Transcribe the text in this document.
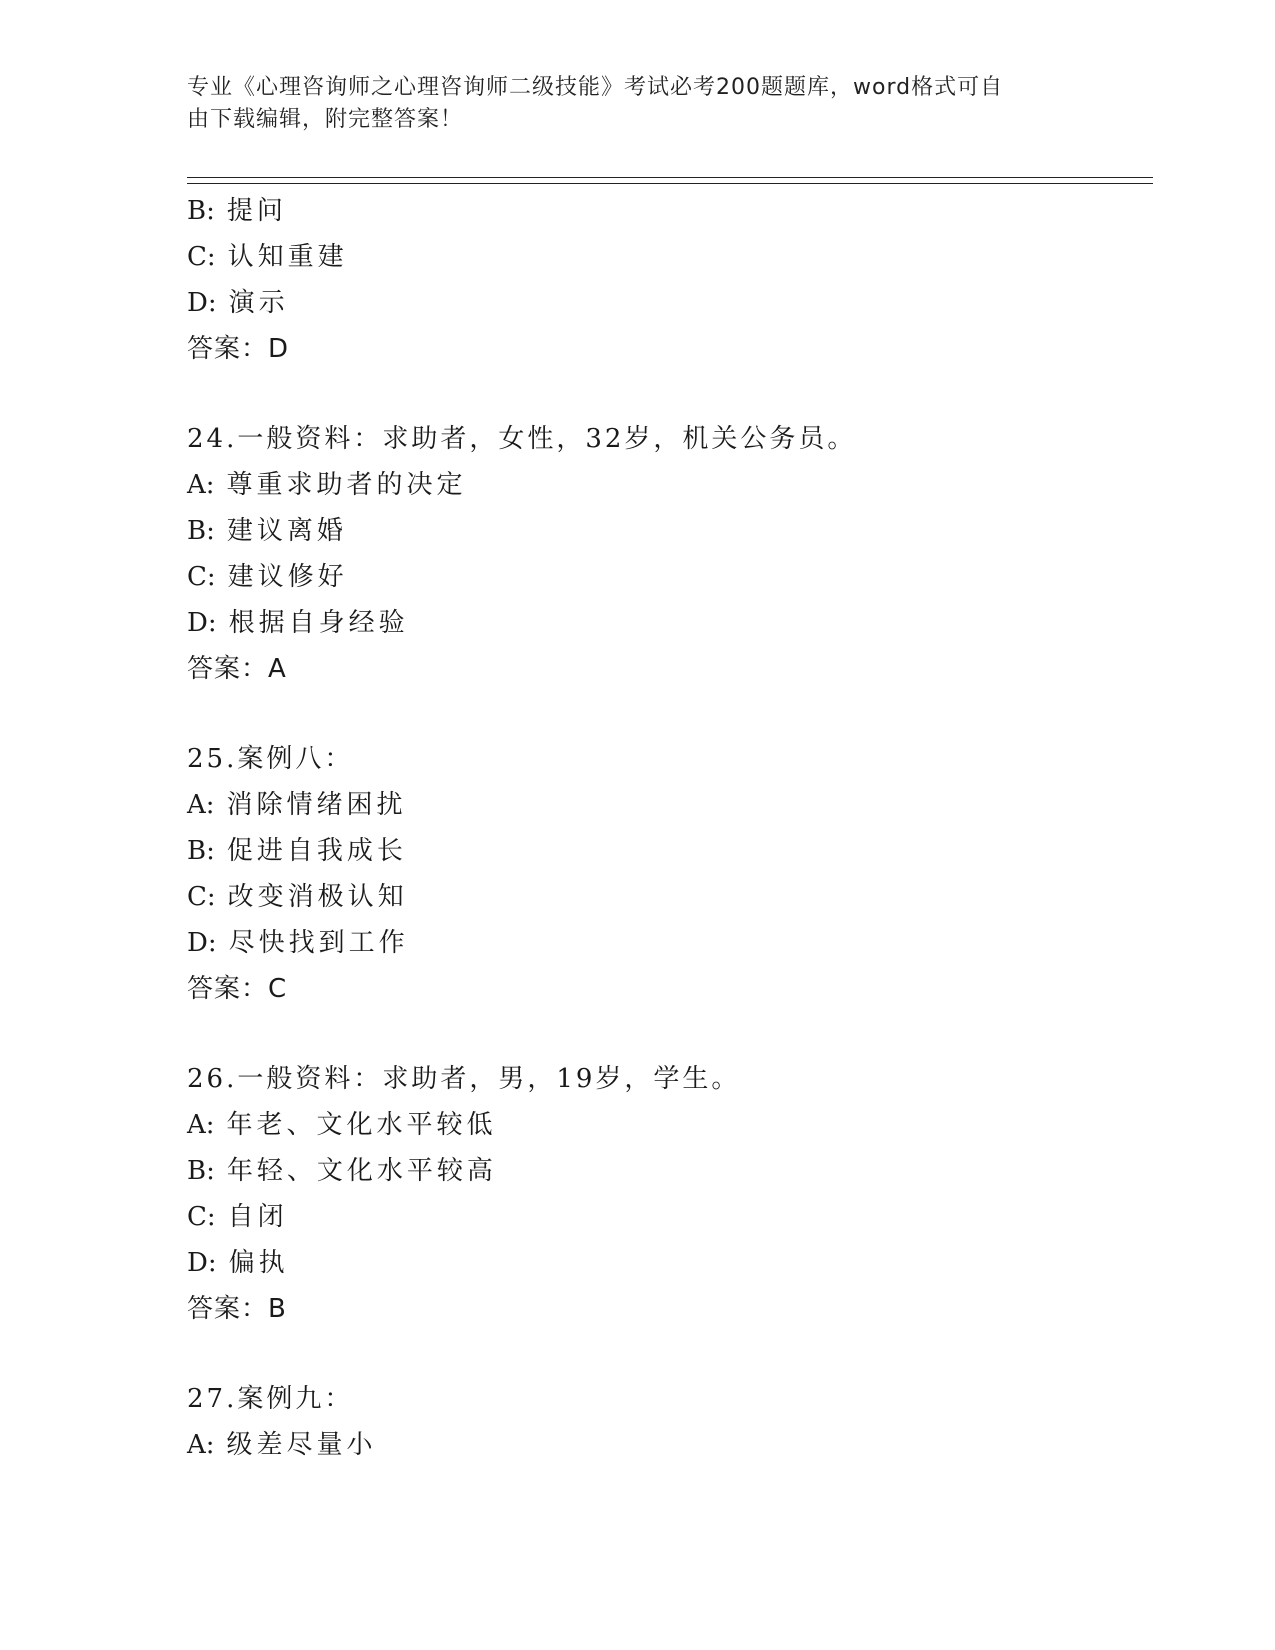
专业《心理咨询师之心理咨询师二级技能》考试必考200题题库，word格式可自
由下载编辑，附完整答案！
B: 提问
C: 认知重建
D: 演示
答案：D
24.一般资料：求助者，女性，32岁，机关公务员。
A: 尊重求助者的决定
B: 建议离婚
C: 建议修好
D: 根据自身经验
答案：A
25.案例八：
A: 消除情绪困扰
B: 促进自我成长
C: 改变消极认知
D: 尽快找到工作
答案：C
26.一般资料：求助者，男，19岁，学生。
A: 年老、文化水平较低
B: 年轻、文化水平较高
C: 自闭
D: 偏执
答案：B
27.案例九：
A: 级差尽量小
